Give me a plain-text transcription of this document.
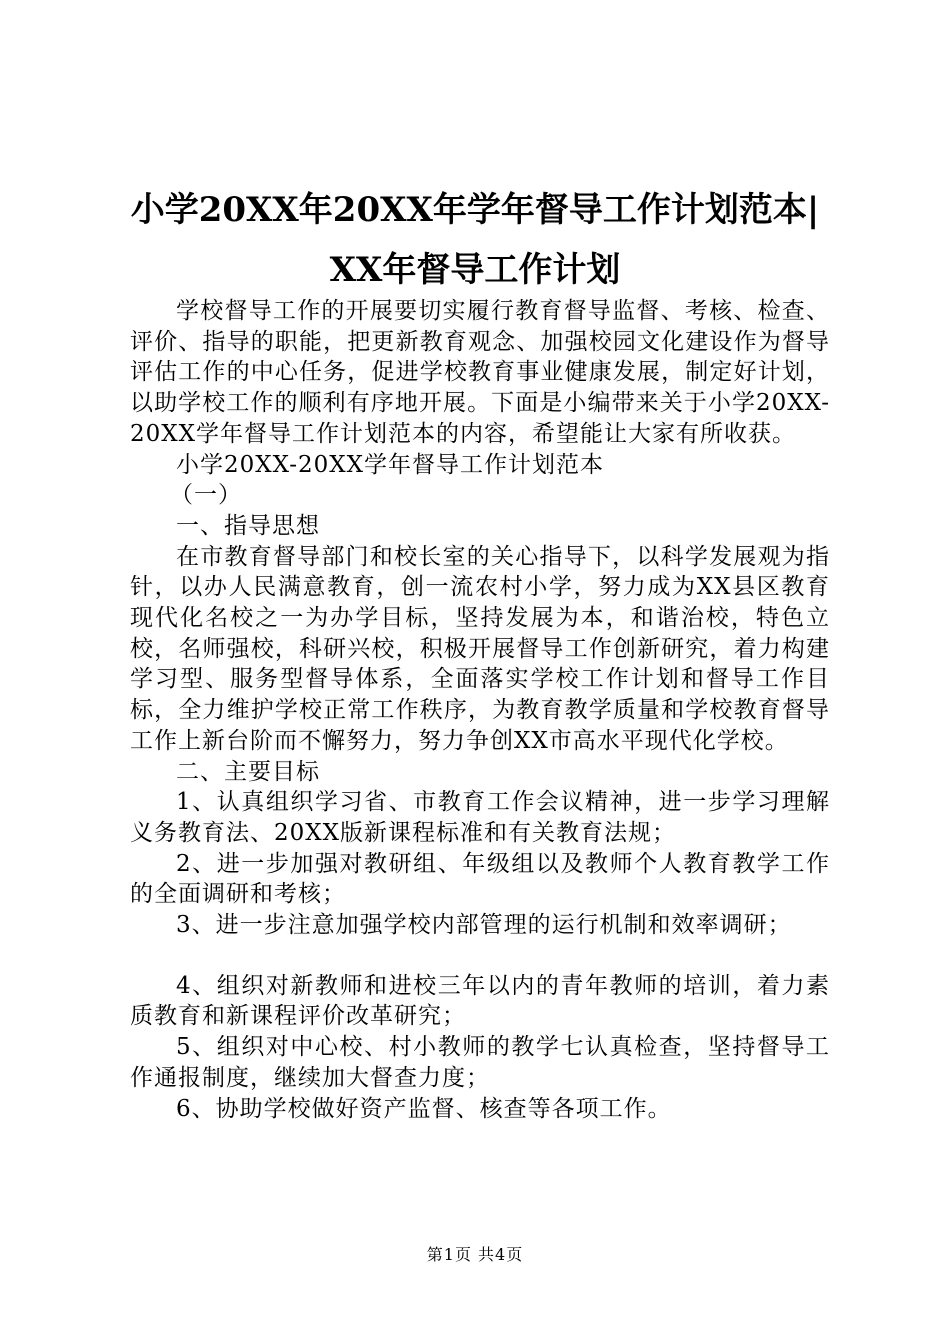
小学20XX年20XX年学年督导工作计划范本|
XX年督导工作计划

学校督导工作的开展要切实履行教育督导监督、考核、检查、评价、指导的职能，把更新教育观念、加强校园文化建设作为督导评估工作的中心任务，促进学校教育事业健康发展，制定好计划，以助学校工作的顺利有序地开展。下面是小编带来关于小学20XX-20XX学年督导工作计划范本的内容，希望能让大家有所收获。

小学20XX-20XX学年督导工作计划范本

（一）

一、指导思想

在市教育督导部门和校长室的关心指导下，以科学发展观为指针，以办人民满意教育，创一流农村小学，努力成为XX县区教育现代化名校之一为办学目标，坚持发展为本，和谐治校，特色立校，名师强校，科研兴校，积极开展督导工作创新研究，着力构建学习型、服务型督导体系，全面落实学校工作计划和督导工作目标，全力维护学校正常工作秩序，为教育教学质量和学校教育督导工作上新台阶而不懈努力，努力争创XX市高水平现代化学校。

二、主要目标

1、认真组织学习省、市教育工作会议精神，进一步学习理解义务教育法、20XX版新课程标准和有关教育法规；

2、进一步加强对教研组、年级组以及教师个人教育教学工作的全面调研和考核；

3、进一步注意加强学校内部管理的运行机制和效率调研；

4、组织对新教师和进校三年以内的青年教师的培训，着力素质教育和新课程评价改革研究；

5、组织对中心校、村小教师的教学七认真检查，坚持督导工作通报制度，继续加大督查力度；

6、协助学校做好资产监督、核查等各项工作。

第1页 共4页
